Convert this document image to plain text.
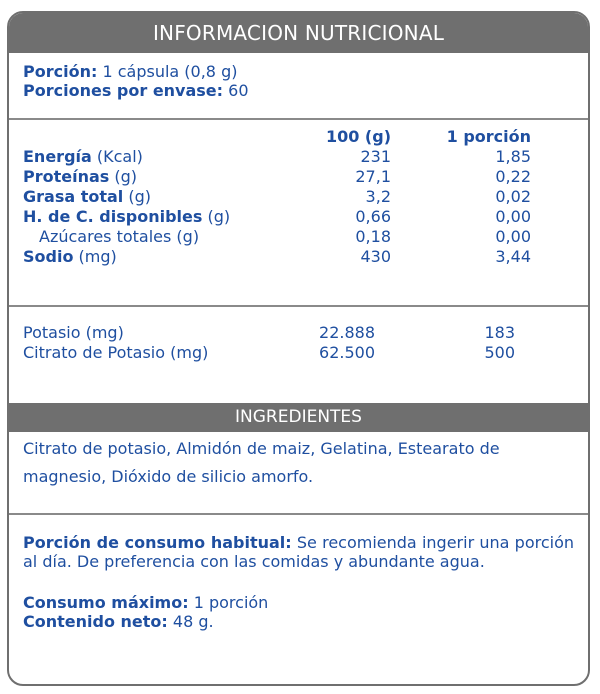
INFORMACION NUTRICIONAL
Porción: 1 cápsula (0,8 g)
Porciones por envase: 60
	100 (g)	1 porción
Energía (Kcal)	231	1,85
Proteínas (g)	27,1	0,22
Grasa total (g)	3,2	0,02
H. de C. disponibles (g)	0,66	0,00
Azúcares totales (g)	0,18	0,00
Sodio (mg)	430	3,44
Potasio (mg)	22.888	183
Citrato de Potasio (mg)	62.500	500
INGREDIENTES
Citrato de potasio, Almidón de maiz, Gelatina, Estearato de magnesio, Dióxido de silicio amorfo.
Porción de consumo habitual: Se recomienda ingerir una porción al día. De preferencia con las comidas y abundante agua.
Consumo máximo: 1 porción
Contenido neto: 48 g.
